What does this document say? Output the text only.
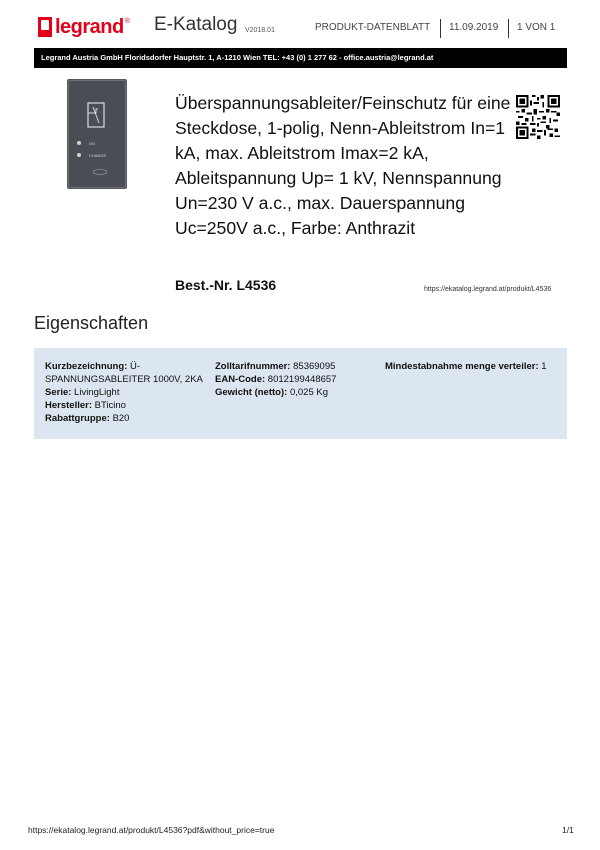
legrand ® E-Katalog V2018.01	PRODUKT-DATENBLATT 11.09.2019 1 VON 1
Legrand Austria GmbH Floridsdorfer Hauptstr. 1, A-1210 Wien TEL: +43 (0) 1 277 62 - office.austria@legrand.at
ON
CHANGE
Überspannungsableiter/Feinschutz für eine Steckdose, 1-polig, Nenn-Ableitstrom In=1 kA, max. Ableitstrom Imax=2 kA, Ableitspannung Up= 1 kV, Nennspannung Un=230 V a.c., max. Dauerspannung Uc=250V a.c., Farbe: Anthrazit
Best.-Nr. L4536	https://ekatalog.legrand.at/produkt/L4536
Eigenschaften
Kurzbezeichnung: Ü-SPANNUNGSABLEITER 1000V, 2KA
Serie: LivingLight
Hersteller: BTicino
Rabattgruppe: B20
Zolltarifnummer: 85369095
EAN-Code: 8012199448657
Gewicht (netto): 0,025 Kg
Mindestabnahme menge verteiler: 1
https://ekatalog.legrand.at/produkt/L4536?pdf&without_price=true	1/1
